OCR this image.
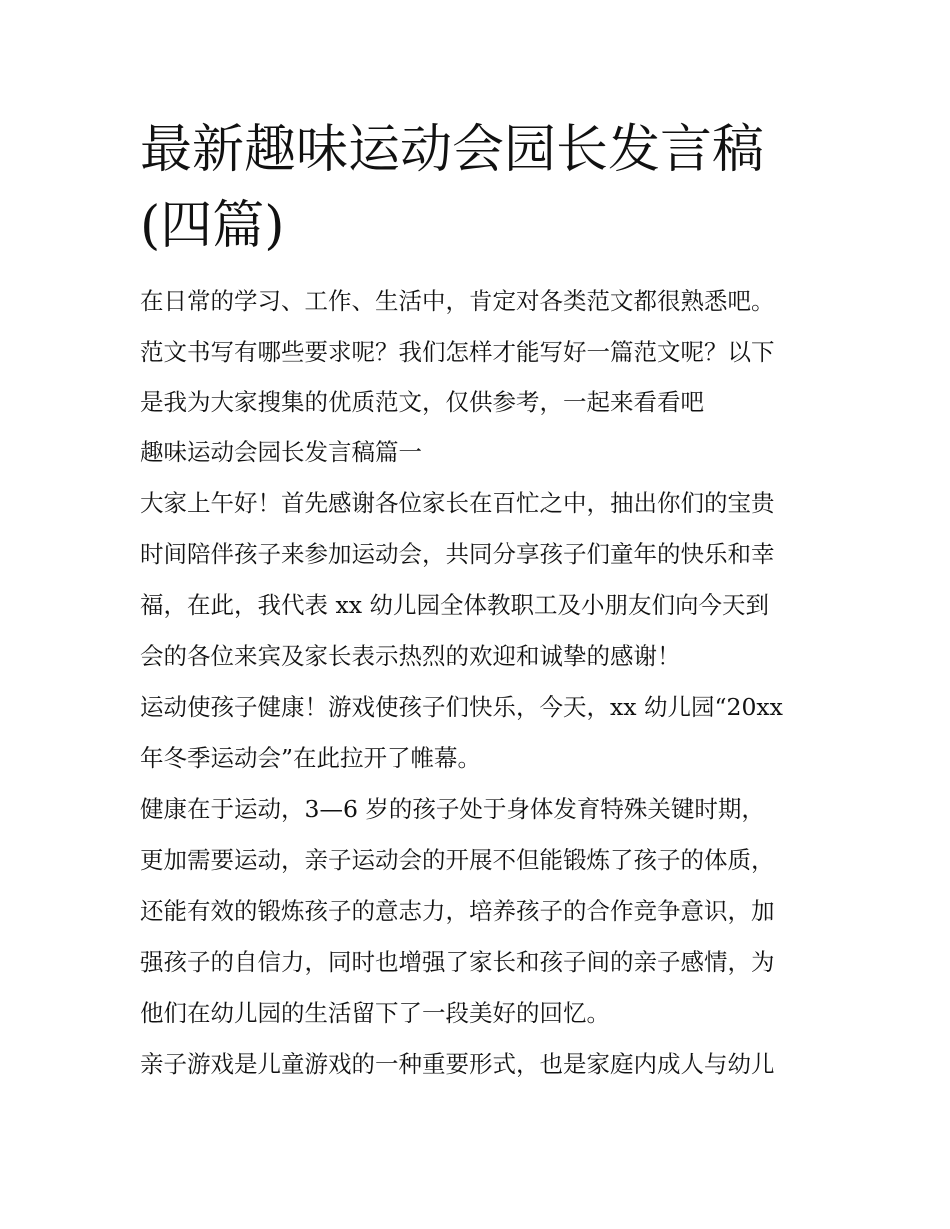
最新趣味运动会园长发言稿(四篇)

在日常的学习、工作、生活中，肯定对各类范文都很熟悉吧。

范文书写有哪些要求呢？我们怎样才能写好一篇范文呢？以下

是我为大家搜集的优质范文，仅供参考，一起来看看吧

趣味运动会园长发言稿篇一

大家上午好！首先感谢各位家长在百忙之中，抽出你们的宝贵

时间陪伴孩子来参加运动会，共同分享孩子们童年的快乐和幸

福，在此，我代表 xx 幼儿园全体教职工及小朋友们向今天到

会的各位来宾及家长表示热烈的欢迎和诚挚的感谢！

运动使孩子健康！游戏使孩子们快乐，今天，xx 幼儿园“20xx

年冬季运动会”在此拉开了帷幕。

健康在于运动，3—6 岁的孩子处于身体发育特殊关键时期，

更加需要运动，亲子运动会的开展不但能锻炼了孩子的体质，

还能有效的锻炼孩子的意志力，培养孩子的合作竞争意识，加

强孩子的自信力，同时也增强了家长和孩子间的亲子感情，为

他们在幼儿园的生活留下了一段美好的回忆。

亲子游戏是儿童游戏的一种重要形式，也是家庭内成人与幼儿
